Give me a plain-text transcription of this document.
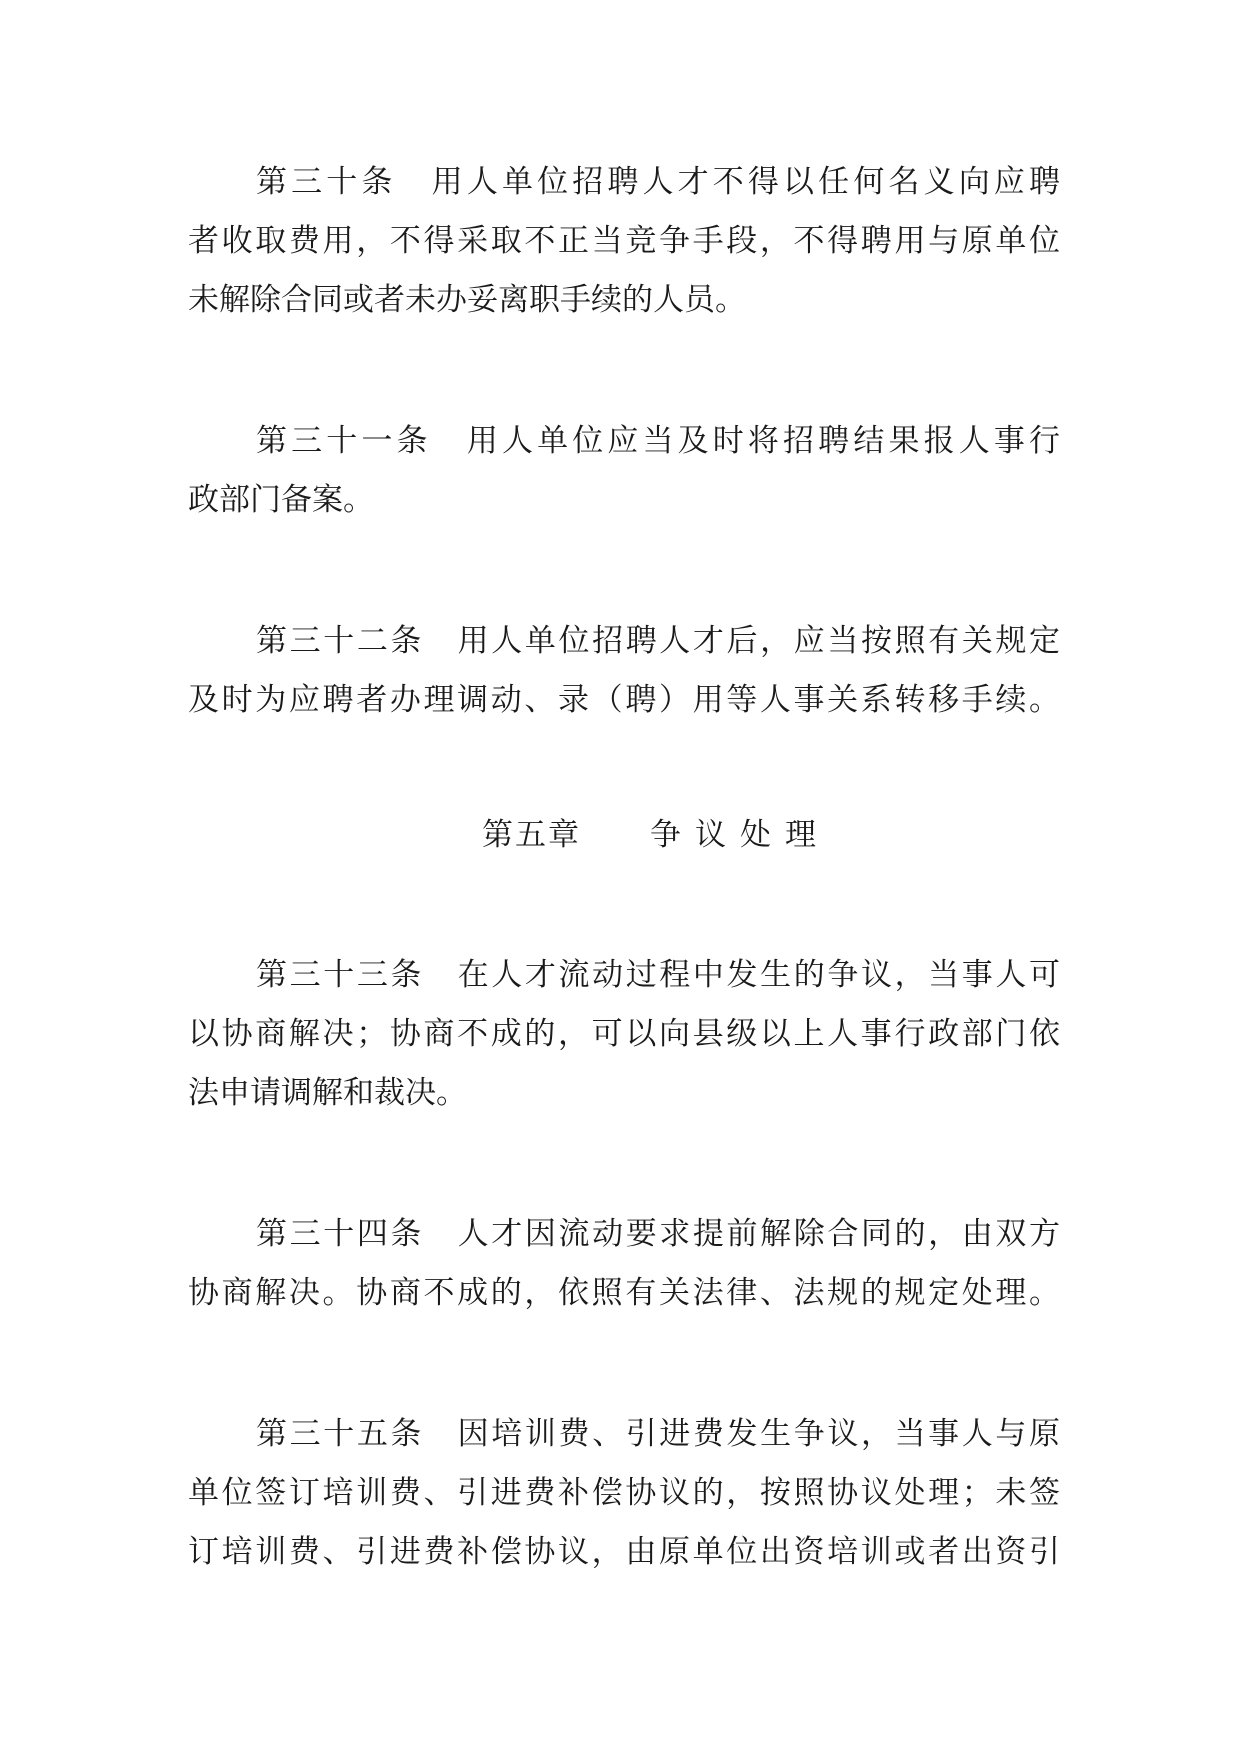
第三十条　用人单位招聘人才不得以任何名义向应聘
者收取费用，不得采取不正当竞争手段，不得聘用与原单位
未解除合同或者未办妥离职手续的人员。
第三十一条　用人单位应当及时将招聘结果报人事行
政部门备案。
第三十二条　用人单位招聘人才后，应当按照有关规定
及时为应聘者办理调动、录（聘）用等人事关系转移手续。
第五章 争议处理
第三十三条　在人才流动过程中发生的争议，当事人可
以协商解决；协商不成的，可以向县级以上人事行政部门依
法申请调解和裁决。
第三十四条　人才因流动要求提前解除合同的，由双方
协商解决。协商不成的，依照有关法律、法规的规定处理。
第三十五条　因培训费、引进费发生争议，当事人与原
单位签订培训费、引进费补偿协议的，按照协议处理；未签
订培训费、引进费补偿协议，由原单位出资培训或者出资引
